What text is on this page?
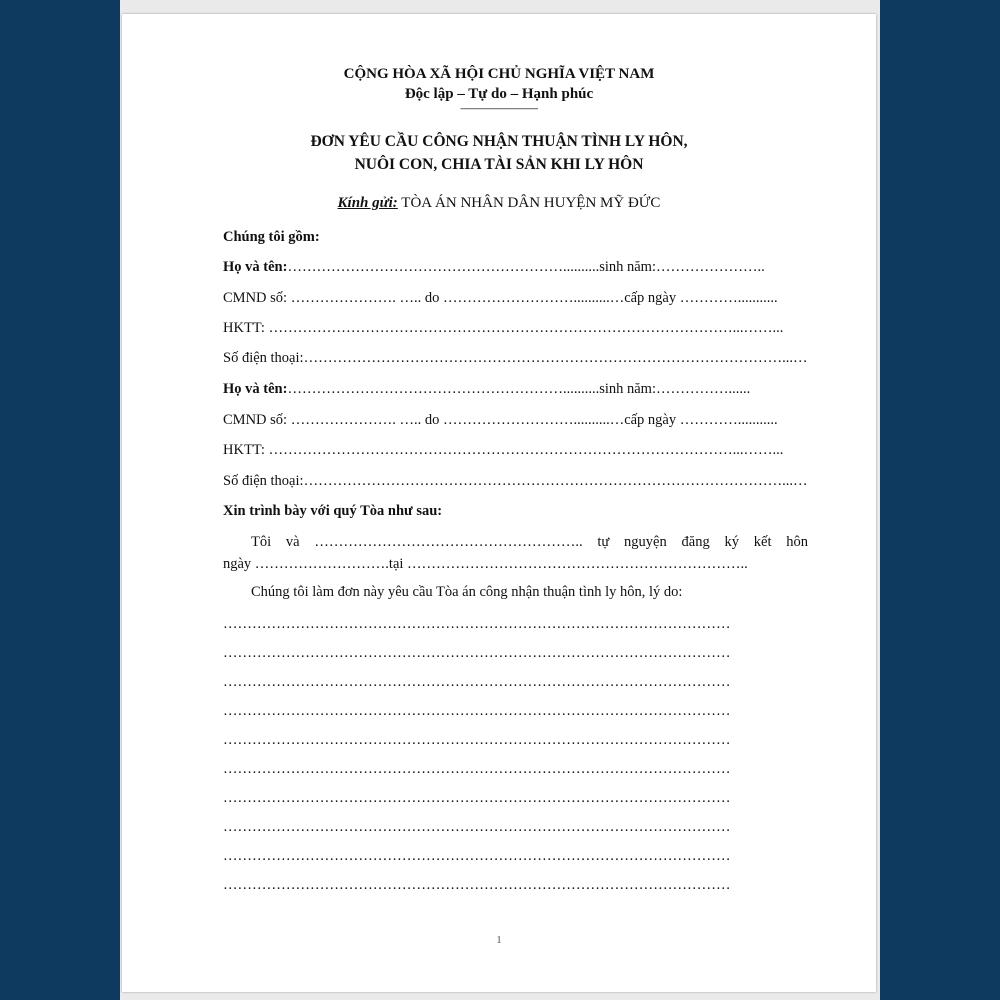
CỘNG HÒA XÃ HỘI CHỦ NGHĨA VIỆT NAM
Độc lập – Tự do – Hạnh phúc
-------------------------------
ĐƠN YÊU CẦU CÔNG NHẬN THUẬN TÌNH LY HÔN,
NUÔI CON, CHIA TÀI SẢN KHI LY HÔN
Kính gửi: TÒA ÁN NHÂN DÂN HUYỆN MỸ ĐỨC
Chúng tôi gồm:
Họ và tên:…………………………………………………..........sinh năm:…………………..
CMND số: …………………. ….. do ………………………..........…cấp ngày …………...........
HKTT: ……………………………………………………………………………………...……...
Số điện thoại:………………………………………………………………………………………...…
Họ và tên:…………………………………………………..........sinh năm:……………......
CMND số: …………………. ….. do ………………………..........…cấp ngày …………...........
HKTT: ……………………………………………………………………………………...……...
Số điện thoại:………………………………………………………………………………………...…
Xin trình bày với quý Tòa như sau:
Tôi và ……………………………………………….. tự nguyện đăng ký kết hôn
ngày ……………………….tại ……………………………………………………………..
Chúng tôi làm đơn này yêu cầu Tòa án công nhận thuận tình ly hôn, lý do:
……………………………………………………………………………………………
……………………………………………………………………………………………
……………………………………………………………………………………………
……………………………………………………………………………………………
……………………………………………………………………………………………
……………………………………………………………………………………………
……………………………………………………………………………………………
……………………………………………………………………………………………
……………………………………………………………………………………………
……………………………………………………………………………………………
1
